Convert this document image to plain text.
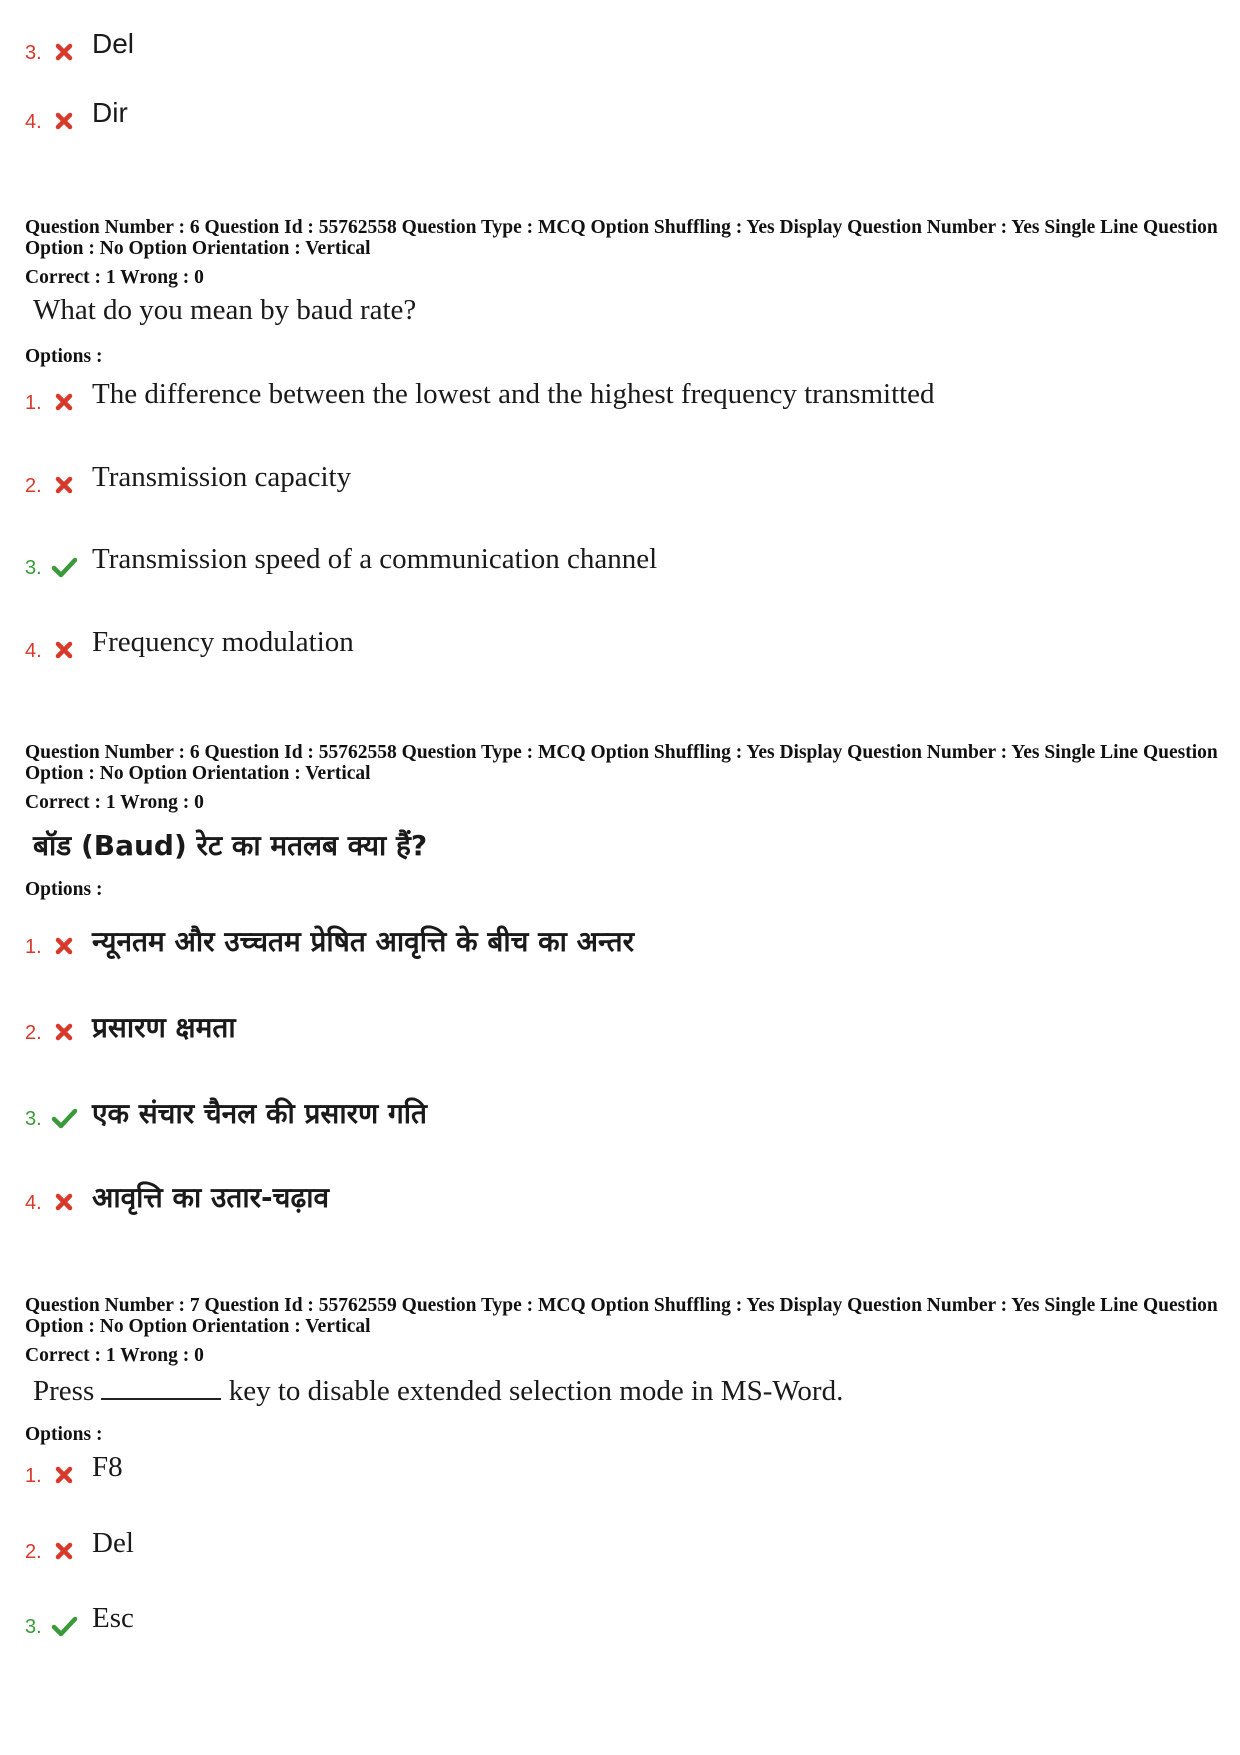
3. Del
4. Dir
Question Number : 6 Question Id : 55762558 Question Type : MCQ Option Shuffling : Yes Display Question Number : Yes Single Line Question Option : No Option Orientation : Vertical
Correct : 1 Wrong : 0
What do you mean by baud rate?
Options :
1. The difference between the lowest and the highest frequency transmitted
2. Transmission capacity
3. Transmission speed of a communication channel
4. Frequency modulation
Question Number : 6 Question Id : 55762558 Question Type : MCQ Option Shuffling : Yes Display Question Number : Yes Single Line Question Option : No Option Orientation : Vertical
Correct : 1 Wrong : 0
बॉड (Baud) रेट का मतलब क्या हैं?
Options :
1. न्यूनतम और उच्चतम प्रेषित आवृत्ति के बीच का अन्तर
2. प्रसारण क्षमता
3. एक संचार चैनल की प्रसारण गति
4. आवृत्ति का उतार-चढ़ाव
Question Number : 7 Question Id : 55762559 Question Type : MCQ Option Shuffling : Yes Display Question Number : Yes Single Line Question Option : No Option Orientation : Vertical
Correct : 1 Wrong : 0
Press	key to disable extended selection mode in MS-Word.
Options :
1. F8
2. Del
3. Esc
